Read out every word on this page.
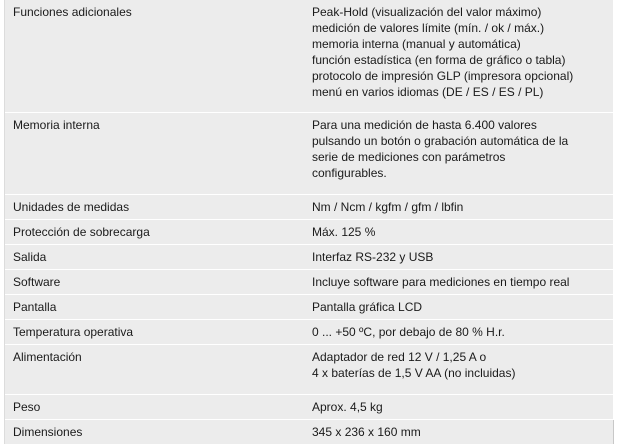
Funciones adicionales	Peak-Hold (visualización del valor máximo)
medición de valores límite (mín. / ok / máx.)
memoria interna (manual y automática)
función estadística (en forma de gráfico o tabla)
protocolo de impresión GLP (impresora opcional)
menú en varios idiomas (DE / ES / ES / PL)
Memoria interna	Para una medición de hasta 6.400 valores
pulsando un botón o grabación automática de la
serie de mediciones con parámetros
configurables.
Unidades de medidas	Nm / Ncm / kgfm / gfm / lbfin
Protección de sobrecarga	Máx. 125 %
Salida	Interfaz RS-232 y USB
Software	Incluye software para mediciones en tiempo real
Pantalla	Pantalla gráfica LCD
Temperatura operativa	0 ... +50 ºC, por debajo de 80 % H.r.
Alimentación	Adaptador de red 12 V / 1,25 A o
4 x baterías de 1,5 V AA (no incluidas)
Peso	Aprox. 4,5 kg
Dimensiones	345 x 236 x 160 mm
